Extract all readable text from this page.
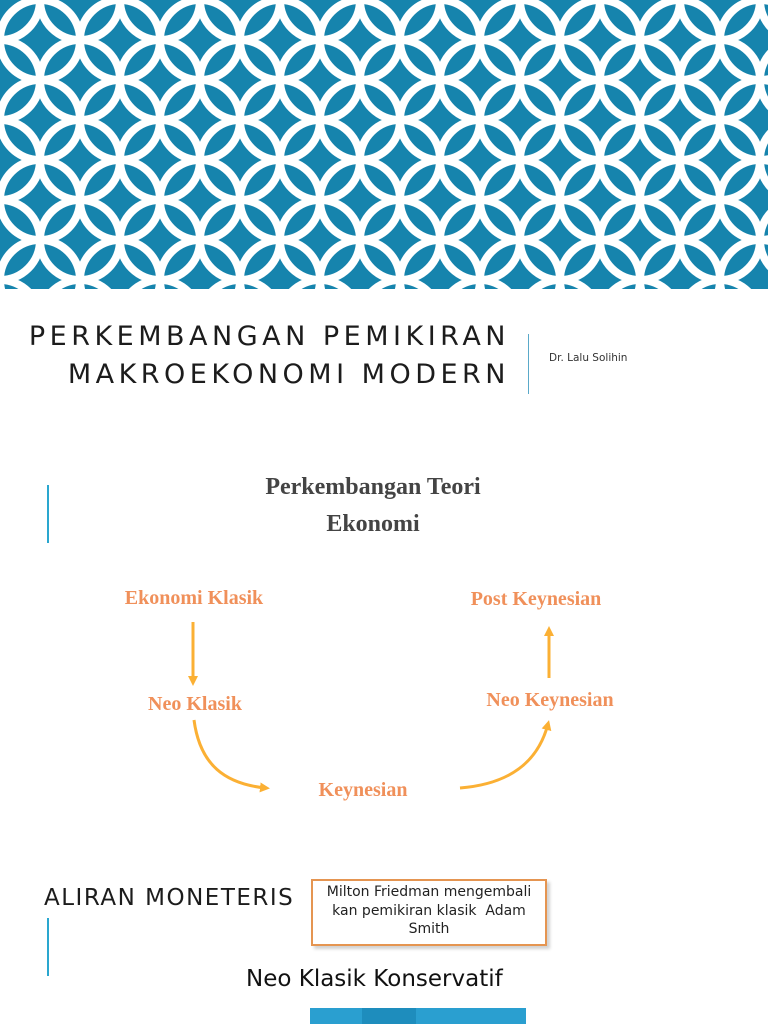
PERKEMBANGAN PEMIKIRAN
MAKROEKONOMI MODERN
Dr. Lalu Solihin
Perkembangan Teori
Ekonomi
Ekonomi Klasik	Post Keynesian
Neo Klasik	Neo Keynesian
Keynesian
ALIRAN MONETERIS	Milton Friedman mengembali
kan pemikiran klasik  Adam
Smith
Neo Klasik Konservatif
